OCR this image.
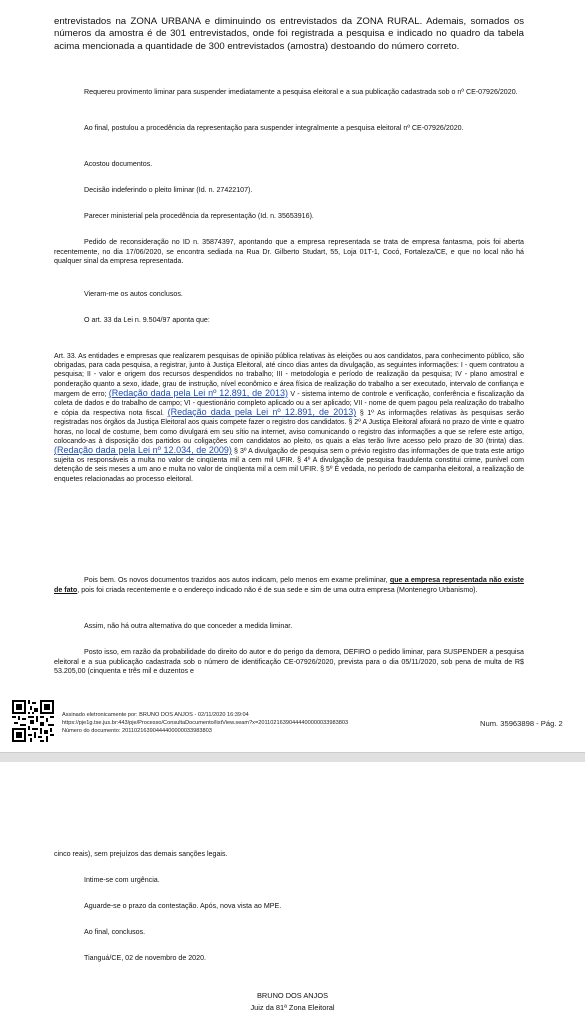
entrevistados na ZONA URBANA e diminuindo os entrevistados da ZONA RURAL. Ademais, somados os números da amostra é de 301 entrevistados, onde foi registrada a pesquisa e indicado no quadro da tabela acima mencionada a quantidade de 300 entrevistados (amostra) destoando do número correto.
Requereu provimento liminar para suspender imediatamente a pesquisa eleitoral e a sua publicação cadastrada sob o nº CE-07926/2020.
Ao final, postulou a procedência da representação para suspender integralmente a pesquisa eleitoral nº CE-07926/2020.
Acostou documentos.
Decisão indeferindo o pleito liminar (Id. n. 27422107).
Parecer ministerial pela procedência da representação (Id. n. 35653916).
Pedido de reconsideração no ID n. 35874397, apontando que a empresa representada se trata de empresa fantasma, pois foi aberta recentemente, no dia 17/06/2020, se encontra sediada na Rua Dr. Gilberto Studart, 55, Loja 01T-1, Cocó, Fortaleza/CE, e que no local não há qualquer sinal da empresa representada.
Vieram-me os autos conclusos.
O art. 33 da Lei n. 9.504/97 aponta que:
Art. 33. As entidades e empresas que realizarem pesquisas de opinião pública relativas às eleições ou aos candidatos, para conhecimento público, são obrigadas, para cada pesquisa, a registrar, junto à Justiça Eleitoral, até cinco dias antes da divulgação, as seguintes informações: I - quem contratou a pesquisa; II - valor e origem dos recursos despendidos no trabalho; III - metodologia e período de realização da pesquisa; IV - plano amostral e ponderação quanto a sexo, idade, grau de instrução, nível econômico e área física de realização do trabalho a ser executado, intervalo de confiança e margem de erro; (Redação dada pela Lei nº 12.891, de 2013) V - sistema interno de controle e verificação, conferência e fiscalização da coleta de dados e do trabalho de campo; VI - questionário completo aplicado ou a ser aplicado; VII - nome de quem pagou pela realização do trabalho e cópia da respectiva nota fiscal. (Redação dada pela Lei nº 12.891, de 2013) § 1º As informações relativas às pesquisas serão registradas nos órgãos da Justiça Eleitoral aos quais compete fazer o registro dos candidatos. § 2º A Justiça Eleitoral afixará no prazo de vinte e quatro horas, no local de costume, bem como divulgará em seu sítio na internet, aviso comunicando o registro das informações a que se refere este artigo, colocando-as à disposição dos partidos ou coligações com candidatos ao pleito, os quais a elas terão livre acesso pelo prazo de 30 (trinta) dias. (Redação dada pela Lei nº 12.034, de 2009) § 3º A divulgação de pesquisa sem o prévio registro das informações de que trata este artigo sujeita os responsáveis a multa no valor de cinqüenta mil a cem mil UFIR. § 4º A divulgação de pesquisa fraudulenta constitui crime, punível com detenção de seis meses a um ano e multa no valor de cinqüenta mil a cem mil UFIR. § 5º É vedada, no período de campanha eleitoral, a realização de enquetes relacionadas ao processo eleitoral.
Pois bem. Os novos documentos trazidos aos autos indicam, pelo menos em exame preliminar, que a empresa representada não existe de fato, pois foi criada recentemente e o endereço indicado não é de sua sede e sim de uma outra empresa (Montenegro Urbanismo).
Assim, não há outra alternativa do que conceder a medida liminar.
Posto isso, em razão da probabilidade do direito do autor e do perigo da demora, DEFIRO o pedido liminar, para SUSPENDER a pesquisa eleitoral e a sua publicação cadastrada sob o número de identificação CE-07926/2020, prevista para o dia 05/11/2020, sob pena de multa de R$ 53.205,00 (cinquenta e três mil e duzentos e
Assinado eletronicamente por: BRUNO DOS ANJOS - 02/11/2020 16:39:04
https://pje1g.tse.jus.br:443/pje/Processo/ConsultaDocumento/listView.seam?x=20110216390444400000033983803
Número do documento: 20110216390444400000033983803
Num. 35963898 - Pág. 2
cinco reais), sem prejuízos das demais sanções legais.
Intime-se com urgência.
Aguarde-se o prazo da contestação. Após, nova vista ao MPE.
Ao final, conclusos.
Tianguá/CE, 02 de novembro de 2020.
BRUNO DOS ANJOS
Juiz da 81ª Zona Eleitoral
